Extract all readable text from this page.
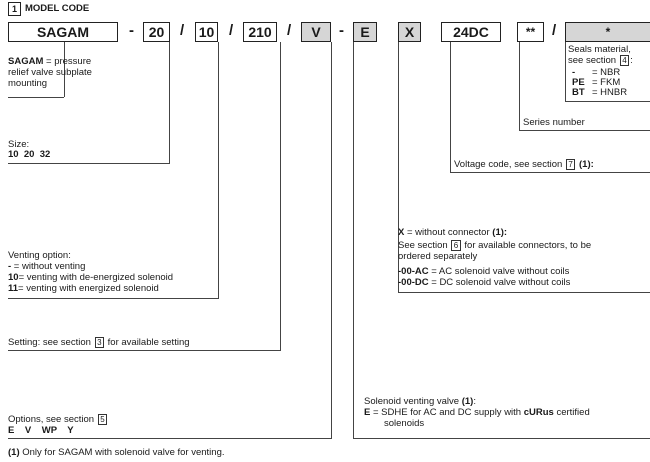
1 MODEL CODE
SAGAM	- 20 / 10 / 210 / V - E	X	24DC	** /	*
Seals material,
see section 4 :
- = NBR
PE = FKM
BT = HNBR
Series number
Voltage code, see section 7 (1):
SAGAM = pressure
relief valve subplate
mounting
Size:
10  20  32
Venting option:
- = without venting
10= venting with de-energized solenoid
11= venting with energized solenoid
Setting: see section 3 for available setting
Options, see section 5
E    V    WP    Y
Solenoid venting valve (1):
E = SDHE for AC and DC supply with cURus certified
solenoids
X = without connector (1):
See section 6 for available connectors, to be
ordered separately
-00-AC = AC solenoid valve without coils
-00-DC = DC solenoid valve without coils
(1) Only for SAGAM with solenoid valve for venting.
